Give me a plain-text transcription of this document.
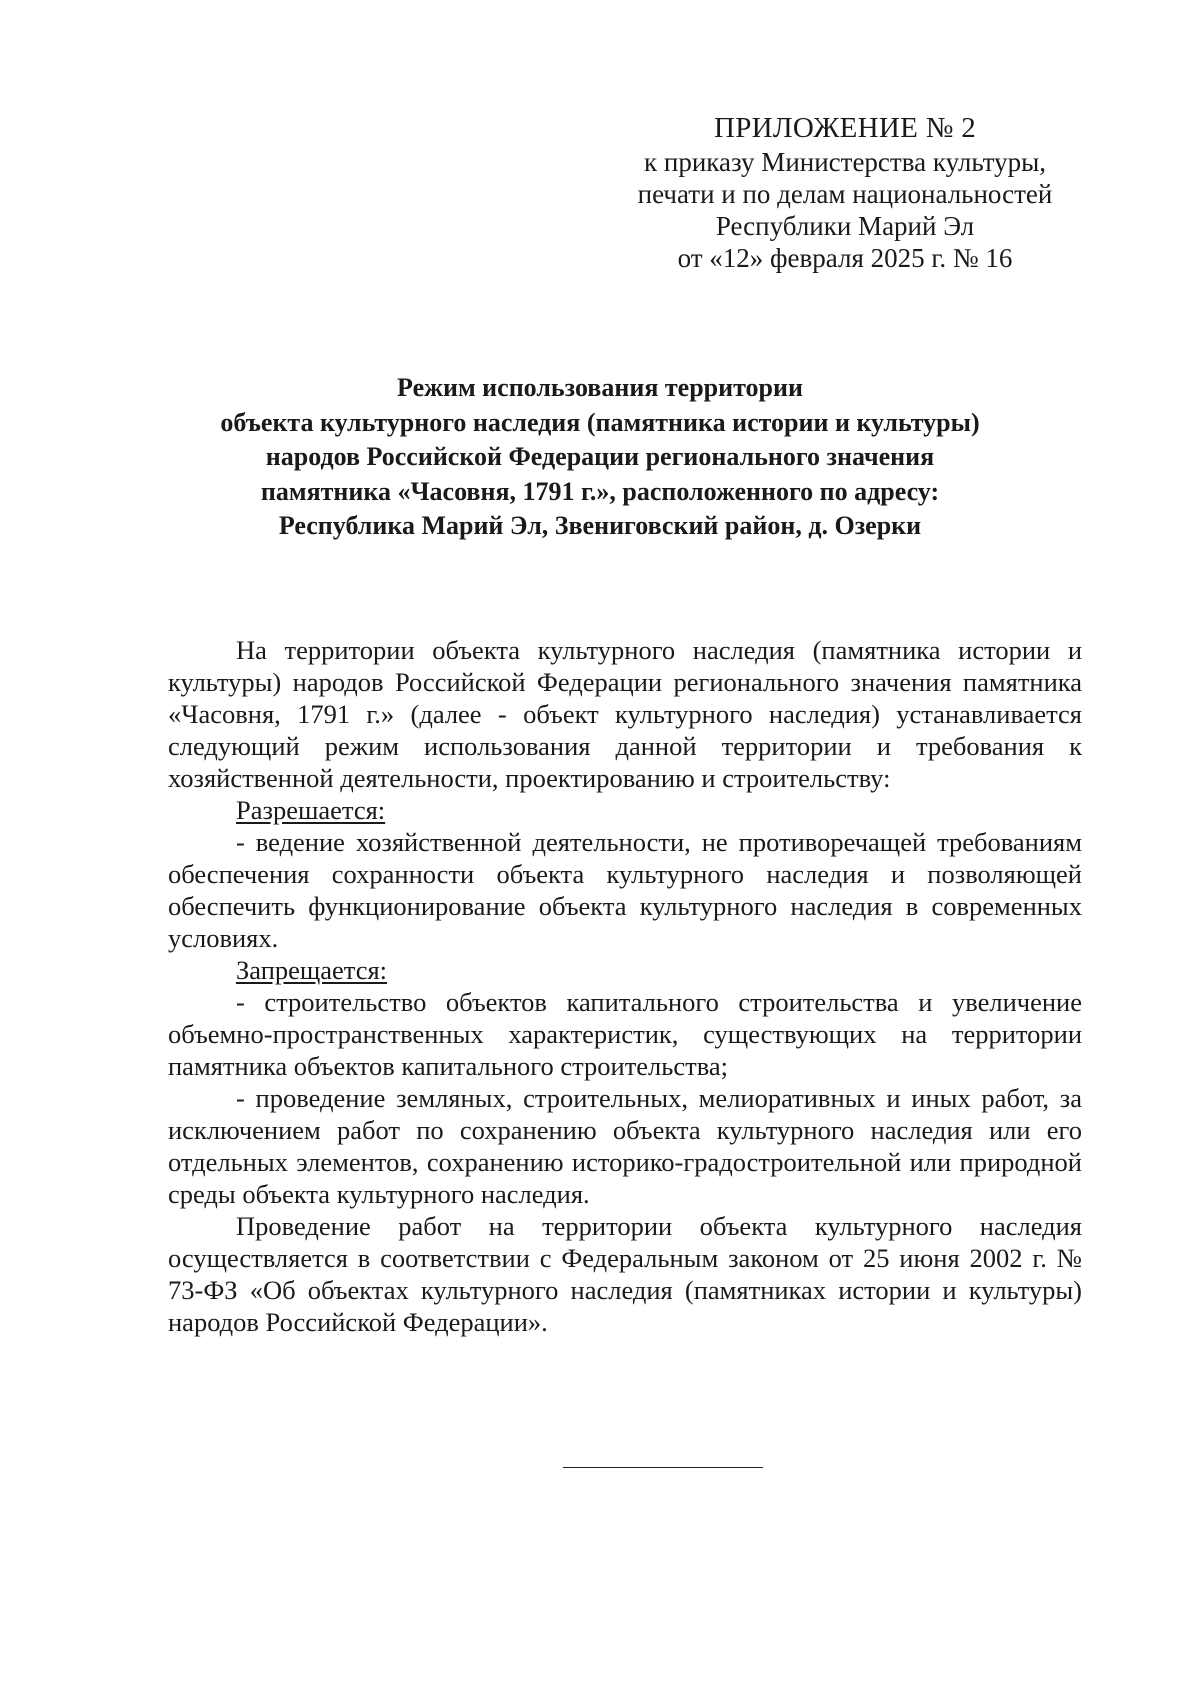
ПРИЛОЖЕНИЕ № 2
к приказу Министерства культуры,
печати и по делам национальностей
Республики Марий Эл
от «12» февраля 2025 г. № 16
Режим использования территории
объекта культурного наследия (памятника истории и культуры)
народов Российской Федерации регионального значения
памятника «Часовня, 1791 г.», расположенного по адресу:
Республика Марий Эл, Звениговский район, д. Озерки

На территории объекта культурного наследия (памятника истории и культуры) народов Российской Федерации регионального значения памятника «Часовня, 1791 г.» (далее - объект культурного наследия) устанавливается следующий режим использования данной территории и требования к хозяйственной деятельности, проектированию и строительству:

Разрешается:

- ведение хозяйственной деятельности, не противоречащей требованиям обеспечения сохранности объекта культурного наследия и позволяющей обеспечить функционирование объекта культурного наследия в современных условиях.

Запрещается:

- строительство объектов капитального строительства и увеличение объемно-пространственных характеристик, существующих на территории памятника объектов капитального строительства;

- проведение земляных, строительных, мелиоративных и иных работ, за исключением работ по сохранению объекта культурного наследия или его отдельных элементов, сохранению историко-градостроительной или природной среды объекта культурного наследия.

Проведение работ на территории объекта культурного наследия осуществляется в соответствии с Федеральным законом от 25 июня 2002 г. № 73-ФЗ «Об объектах культурного наследия (памятниках истории и культуры) народов Российской Федерации».
